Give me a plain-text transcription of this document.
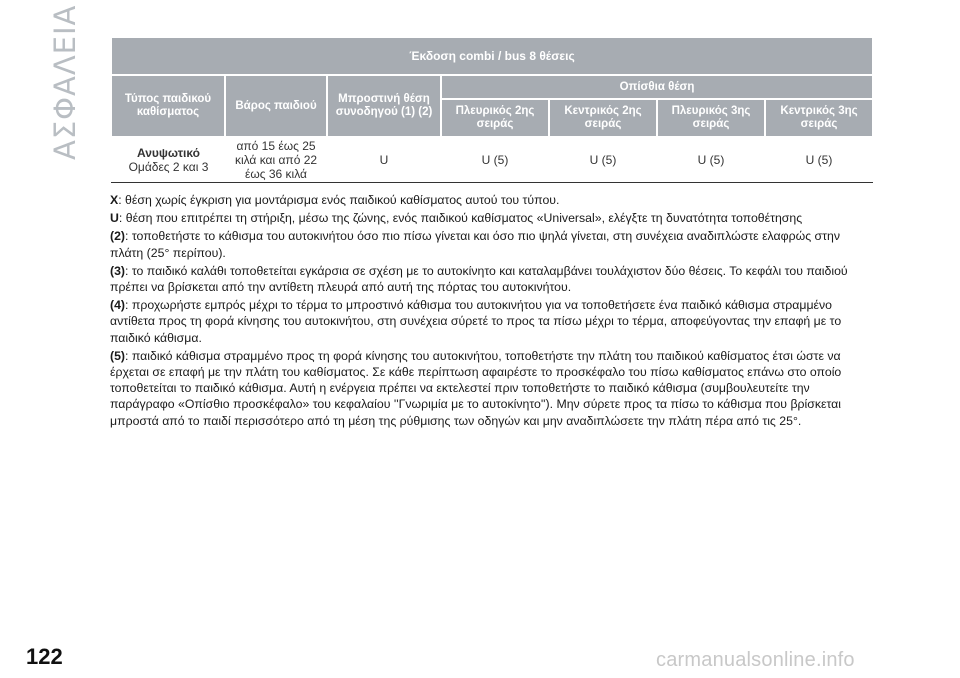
ΑΣΦΑΛΕΙΑ	Έκδοση combi / bus 8 θέσεις						
Τύπος παιδικού καθίσματος	Βάρος παιδιού	Μπροστινή θέση συνοδηγού (1) (2)	Οπίσθια θέση			
			Πλευρικός 2ης σειράς	Κεντρικός 2ης σειράς	Πλευρικός 3ης σειράς	Κεντρικός 3ης σειράς
Ανυψωτικό
Ομάδες 2 και 3	από 15 έως 25 κιλά και από 22 έως 36 κιλά	U	U (5)	U (5)	U (5)	U (5)

X: θέση χωρίς έγκριση για μοντάρισμα ενός παιδικού καθίσματος αυτού του τύπου.

U: θέση που επιτρέπει τη στήριξη, μέσω της ζώνης, ενός παιδικού καθίσματος «Universal», ελέγξτε τη δυνατότητα τοποθέτησης

(2): τοποθετήστε το κάθισμα του αυτοκινήτου όσο πιο πίσω γίνεται και όσο πιο ψηλά γίνεται, στη συνέχεια αναδιπλώστε ελαφρώς στην πλάτη (25° περίπου).

(3): το παιδικό καλάθι τοποθετείται εγκάρσια σε σχέση με το αυτοκίνητο και καταλαμβάνει τουλάχιστον δύο θέσεις. Το κεφάλι του παιδιού πρέπει να βρίσκεται από την αντίθετη πλευρά από αυτή της πόρτας του αυτοκινήτου.

(4): προχωρήστε εμπρός μέχρι το τέρμα το μπροστινό κάθισμα του αυτοκινήτου για να τοποθετήσετε ένα παιδικό κάθισμα στραμμένο αντίθετα προς τη φορά κίνησης του αυτοκινήτου, στη συνέχεια σύρετέ το προς τα πίσω μέχρι το τέρμα, αποφεύγοντας την επαφή με το παιδικό κάθισμα.

(5): παιδικό κάθισμα στραμμένο προς τη φορά κίνησης του αυτοκινήτου, τοποθετήστε την πλάτη του παιδικού καθίσματος έτσι ώστε να έρχεται σε επαφή με την πλάτη του καθίσματος. Σε κάθε περίπτωση αφαιρέστε το προσκέφαλο του πίσω καθίσματος επάνω στο οποίο τοποθετείται το παιδικό κάθισμα. Αυτή η ενέργεια πρέπει να εκτελεστεί πριν τοποθετήστε το παιδικό κάθισμα (συμβουλευτείτε την παράγραφο «Οπίσθιο προσκέφαλο» του κεφαλαίου ''Γνωριμία με το αυτοκίνητο''). Μην σύρετε προς τα πίσω το κάθισμα που βρίσκεται μπροστά από το παιδί περισσότερο από τη μέση της ρύθμισης των οδηγών και μην αναδιπλώσετε την πλάτη πέρα από τις 25°.

122	carmanualsonline.info
